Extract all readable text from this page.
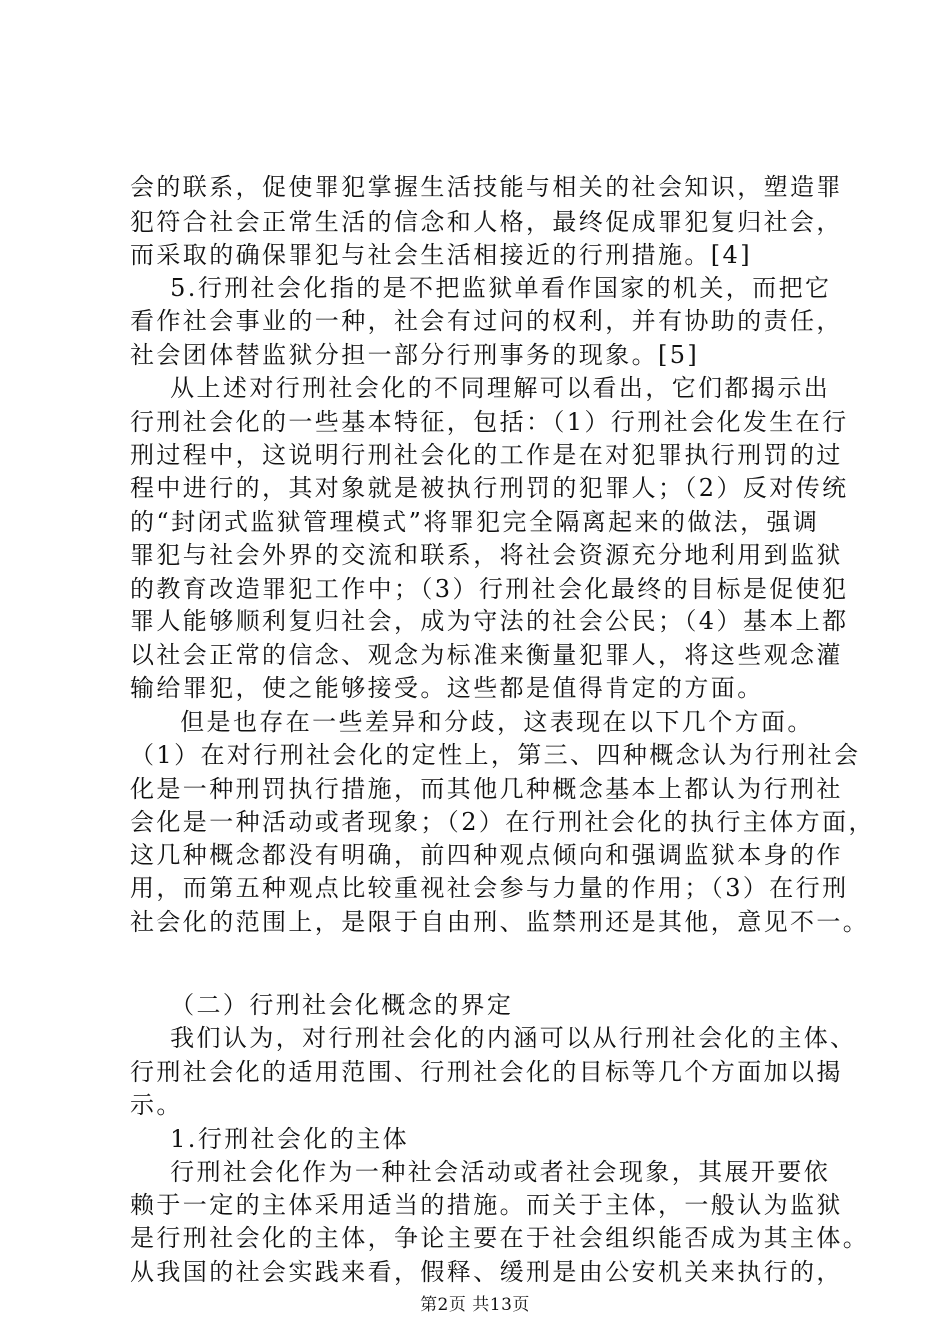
会的联系，促使罪犯掌握生活技能与相关的社会知识，塑造罪
犯符合社会正常生活的信念和人格，最终促成罪犯复归社会，
而采取的确保罪犯与社会生活相接近的行刑措施。[4]
5.行刑社会化指的是不把监狱单看作国家的机关，而把它
看作社会事业的一种，社会有过问的权利，并有协助的责任，
社会团体替监狱分担一部分行刑事务的现象。[5]
从上述对行刑社会化的不同理解可以看出，它们都揭示出
行刑社会化的一些基本特征，包括：（1）行刑社会化发生在行
刑过程中，这说明行刑社会化的工作是在对犯罪执行刑罚的过
程中进行的，其对象就是被执行刑罚的犯罪人；（2）反对传统
的“封闭式监狱管理模式”将罪犯完全隔离起来的做法，强调
罪犯与社会外界的交流和联系，将社会资源充分地利用到监狱
的教育改造罪犯工作中；（3）行刑社会化最终的目标是促使犯
罪人能够顺利复归社会，成为守法的社会公民；（4）基本上都
以社会正常的信念、观念为标准来衡量犯罪人，将这些观念灌
输给罪犯，使之能够接受。这些都是值得肯定的方面。
但是也存在一些差异和分歧，这表现在以下几个方面。
（1）在对行刑社会化的定性上，第三、四种概念认为行刑社会
化是一种刑罚执行措施，而其他几种概念基本上都认为行刑社
会化是一种活动或者现象；（2）在行刑社会化的执行主体方面，
这几种概念都没有明确，前四种观点倾向和强调监狱本身的作
用，而第五种观点比较重视社会参与力量的作用；（3）在行刑
社会化的范围上，是限于自由刑、监禁刑还是其他，意见不一。
（二）行刑社会化概念的界定
我们认为，对行刑社会化的内涵可以从行刑社会化的主体、
行刑社会化的适用范围、行刑社会化的目标等几个方面加以揭
示。
1.行刑社会化的主体
行刑社会化作为一种社会活动或者社会现象，其展开要依
赖于一定的主体采用适当的措施。而关于主体，一般认为监狱
是行刑社会化的主体，争论主要在于社会组织能否成为其主体。
从我国的社会实践来看，假释、缓刑是由公安机关来执行的，
第2页 共13页
